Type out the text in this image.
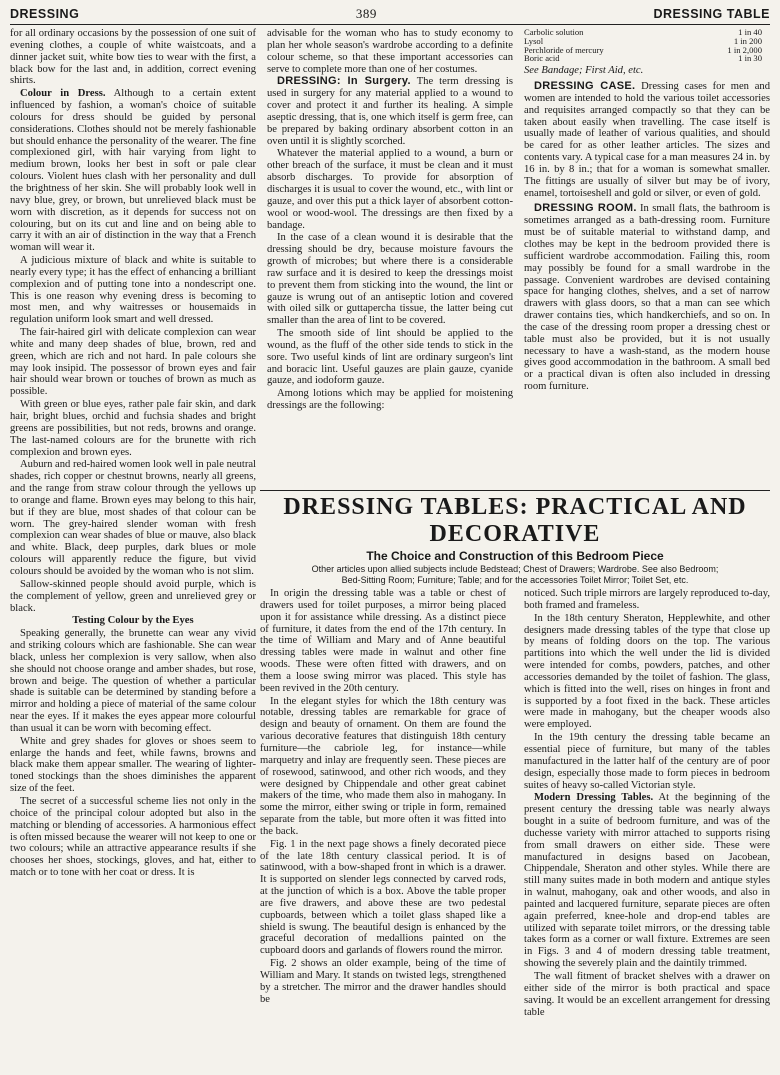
DRESSING	389	DRESSING TABLE

for all ordinary occasions by the possession of one suit of evening clothes, a couple of white waistcoats, and a dinner jacket suit, white bow ties to wear with the first, a black bow for the last and, in addition, correct evening shirts.

Colour in Dress. Although to a certain extent influenced by fashion, a woman's choice of suitable colours for dress should be guided by personal considerations. Clothes should not be merely fashionable but should enhance the personality of the wearer. The fine complexioned girl, with hair varying from light to medium brown, looks her best in soft or pale clear colours. Violent hues clash with her personality and dull the brightness of her skin. She will probably look well in navy blue, grey, or brown, but unrelieved black must be worn with discretion, as it depends for success not on colouring, but on its cut and line and on being able to carry it with an air of distinction in the way that a French woman will wear it.

A judicious mixture of black and white is suitable to nearly every type; it has the effect of enhancing a brilliant complexion and of putting tone into a nondescript one. This is one reason why evening dress is becoming to most men, and why waitresses or housemaids in regulation uniform look smart and well dressed.

The fair-haired girl with delicate complexion can wear white and many deep shades of blue, brown, red and green, which are rich and not hard. In pale colours she may look insipid. The possessor of brown eyes and fair hair should wear brown or touches of brown as much as possible.

With green or blue eyes, rather pale fair skin, and dark hair, bright blues, orchid and fuchsia shades and bright greens are possibilities, but not reds, browns and orange. The last-named colours are for the brunette with rich complexion and brown eyes.

Auburn and red-haired women look well in pale neutral shades, rich copper or chestnut browns, nearly all greens, and the range from straw colour through the yellows up to orange and flame. Brown eyes may belong to this hair, but if they are blue, most shades of that colour can be worn. The grey-haired slender woman with fresh complexion can wear shades of blue or mauve, also black and white. Black, deep purples, dark blues or mole colours will apparently reduce the figure, but vivid colours should be avoided by the woman who is not slim.

Sallow-skinned people should avoid purple, which is the complement of yellow, green and unrelieved grey or black.

Testing Colour by the Eyes

Speaking generally, the brunette can wear any vivid and striking colours which are fashionable. She can wear black, unless her complexion is very sallow, when also she should not choose orange and amber shades, but rose, brown and beige. The question of whether a particular shade is suitable can be determined by standing before a mirror and holding a piece of material of the same colour near the eyes. If it makes the eyes appear more colourful than usual it can be worn with becoming effect.

White and grey shades for gloves or shoes seem to enlarge the hands and feet, while fawns, browns and black make them appear smaller. The wearing of lighter-toned stockings than the shoes diminishes the apparent size of the feet.

The secret of a successful scheme lies not only in the choice of the principal colour adopted but also in the matching or blending of accessories. A harmonious effect is often missed because the wearer will not keep to one or two colours; while an attractive appearance results if she chooses her shoes, stockings, gloves, and hat, either to match or to tone with her coat or dress. It is

advisable for the woman who has to study economy to plan her whole season's wardrobe according to a definite colour scheme, so that these important accessories can serve to complete more than one of her costumes.

DRESSING: In Surgery. The term dressing is used in surgery for any material applied to a wound to cover and protect it and further its healing. A simple aseptic dressing, that is, one which itself is germ free, can be prepared by baking ordinary absorbent cotton in an oven until it is slightly scorched.

Whatever the material applied to a wound, a burn or other breach of the surface, it must be clean and it must absorb discharges. To provide for absorption of discharges it is usual to cover the wound, etc., with lint or gauze, and over this put a thick layer of absorbent cotton-wool or wood-wool. The dressings are then fixed by a bandage.

In the case of a clean wound it is desirable that the dressing should be dry, because moisture favours the growth of microbes; but where there is a considerable raw surface and it is desired to keep the dressings moist to prevent them from sticking into the wound, the lint or gauze is wrung out of an antiseptic lotion and covered with oiled silk or guttapercha tissue, the latter being cut smaller than the area of lint to be covered.

The smooth side of lint should be applied to the wound, as the fluff of the other side tends to stick in the sore. Two useful kinds of lint are ordinary surgeon's lint and boracic lint. Useful gauzes are plain gauze, cyanide gauze, and iodoform gauze.

Among lotions which may be applied for moistening dressings are the following:

Carbolic solution	1 in 40
Lysol	1 in 200
Perchloride of mercury	1 in 2,000
Boric acid	1 in 30
See Bandage; First Aid, etc.

DRESSING CASE. Dressing cases for men and women are intended to hold the various toilet accessories and requisites arranged compactly so that they can be taken about easily when travelling. The case itself is usually made of leather of various qualities, and should be cared for as other leather articles. The sizes and contents vary. A typical case for a man measures 24 in. by 16 in. by 8 in.; that for a woman is somewhat smaller. The fittings are usually of silver but may be of ivory, enamel, tortoiseshell and gold or silver, or even of gold.

DRESSING ROOM. In small flats, the bathroom is sometimes arranged as a bath-dressing room. Furniture must be of suitable material to withstand damp, and clothes may be kept in the bedroom provided there is sufficient wardrobe accommodation. Failing this, room may possibly be found for a small wardrobe in the passage. Convenient wardrobes are devised containing space for hanging clothes, shelves, and a set of narrow drawers with glass doors, so that a man can see which drawer contains ties, which handkerchiefs, and so on. In the case of the dressing room proper a dressing chest or table must also be provided, but it is not usually necessary to have a wash-stand, as the modern house gives good accommodation in the bathroom. A small bed or a practical divan is often also included in dressing room furniture.

DRESSING TABLES: PRACTICAL AND DECORATIVE
The Choice and Construction of this Bedroom Piece
Other articles upon allied subjects include Bedstead; Chest of Drawers; Wardrobe. See also Bedroom;
Bed-Sitting Room; Furniture; Table; and for the accessories Toilet Mirror; Toilet Set, etc.

In origin the dressing table was a table or chest of drawers used for toilet purposes, a mirror being placed upon it for assistance while dressing. As a distinct piece of furniture, it dates from the end of the 17th century. In the time of William and Mary and of Anne beautiful dressing tables were made in walnut and other fine woods. These were often fitted with drawers, and on them a loose swing mirror was placed. This style has been revived in the 20th century.

In the elegant styles for which the 18th century was notable, dressing tables are remarkable for grace of design and beauty of ornament. On them are found the various decorative features that distinguish 18th century furniture—the cabriole leg, for instance—while marquetry and inlay are frequently seen. These pieces are of rosewood, satinwood, and other rich woods, and they were designed by Chippendale and other great cabinet makers of the time, who made them also in mahogany. In some the mirror, either swing or triple in form, remained separate from the table, but more often it was fitted into the back.

Fig. 1 in the next page shows a finely decorated piece of the late 18th century classical period. It is of satinwood, with a bow-shaped front in which is a drawer. It is supported on slender legs connected by carved rods, at the junction of which is a box. Above the table proper are five drawers, and above these are two pedestal cupboards, between which a toilet glass shaped like a shield is swung. The beautiful design is enhanced by the graceful decoration of medallions painted on the cupboard doors and garlands of flowers round the mirror.

Fig. 2 shows an older example, being of the time of William and Mary. It stands on twisted legs, strengthened by a stretcher. The mirror and the drawer handles should be

noticed. Such triple mirrors are largely reproduced to-day, both framed and frameless.

In the 18th century Sheraton, Hepplewhite, and other designers made dressing tables of the type that close up by means of folding doors on the top. The various partitions into which the well under the lid is divided were intended for combs, powders, patches, and other accessories demanded by the toilet of fashion. The glass, which is fitted into the well, rises on hinges in front and is supported by a foot fixed in the back. These articles were made in mahogany, but the cheaper woods also were employed.

In the 19th century the dressing table became an essential piece of furniture, but many of the tables manufactured in the latter half of the century are of poor design, especially those made to form pieces in bedroom suites of heavy so-called Victorian style.

Modern Dressing Tables. At the beginning of the present century the dressing table was nearly always bought in a suite of bedroom furniture, and was of the duchesse variety with mirror attached to supports rising from small drawers on either side. These were manufactured in designs based on Jacobean, Chippendale, Sheraton and other styles. While there are still many suites made in both modern and antique styles in walnut, mahogany, oak and other woods, and also in painted and lacquered furniture, separate pieces are often again preferred, knee-hole and drop-end tables are utilized with separate toilet mirrors, or the dressing table takes form as a corner or wall fixture. Extremes are seen in Figs. 3 and 4 of modern dressing table treatment, showing the severely plain and the daintily trimmed.

The wall fitment of bracket shelves with a drawer on either side of the mirror is both practical and space saving. It would be an excellent arrangement for dressing table
